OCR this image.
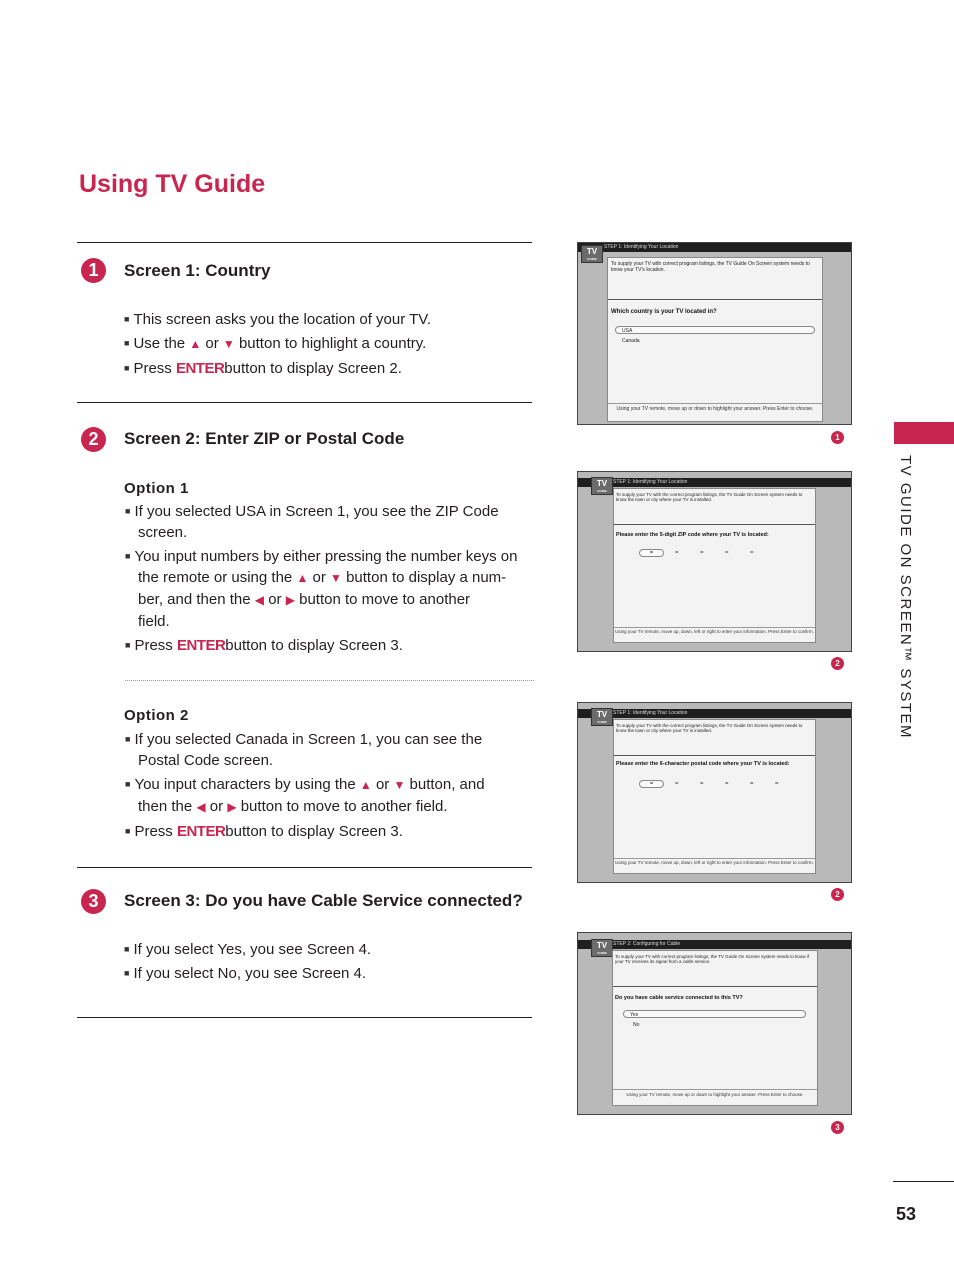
Using TV Guide
1	Screen 1: Country
■ This screen asks you the location of your TV.
■ Use the ▲ or ▼ button to highlight a country.
■ Press ENTERbutton to display Screen 2.
2	Screen 2: Enter ZIP or Postal Code
Option 1
■ If you selected USA in Screen 1, you see the ZIP Code
screen.
■ You input numbers by either pressing the number keys on
the remote or using the ▲ or ▼ button to display a num-
ber, and then the ◀ or ▶ button to move to another
field.
■ Press ENTERbutton to display Screen 3.
Option 2
■ If you selected Canada in Screen 1, you can see the
Postal Code screen.
■ You input characters by using the ▲ or ▼ button, and
then the ◀ or ▶ button to move to another field.
■ Press ENTERbutton to display Screen 3.
3	Screen 3: Do you have Cable Service connected?
■ If you select Yes, you see Screen 4.
■ If you select No, you see Screen 4.
TV GUIDE ON SCREEN™ SYSTEM
53
STEP 1: Identifying Your Location
TV
GUIDE
To supply your TV with correct program listings, the TV Guide On Screen system needs to know your TV's location.
Which country is your TV located in?
USA
Canada
Using your TV remote, move up or down to highlight your answer. Press Enter to choose.
1
STEP 1: Identifying Your Location
TV
GUIDE
To supply your TV with the correct program listings, the TV Guide On Screen system needs to know the town or city where your TV is installed.
Please enter the 5-digit ZIP code where your TV is located:
=	=	=	=	=
Using your TV remote, move up, down, left or right to enter your information. Press Enter to confirm.
2
STEP 1: Identifying Your Location
TV
GUIDE
To supply your TV with the correct program listings, the TV Guide On Screen system needs to know the town or city where your TV is installed.
Please enter the 6-character postal code where your TV is located:
=	=	=	=	=	=
Using your TV remote, move up, down, left or right to enter your information. Press Enter to confirm.
2
STEP 2: Configuring for Cable
TV
GUIDE
To supply your TV with correct program listings, the TV Guide On Screen system needs to know if your TV receives its signal from a cable service.
Do you have cable service connected to this TV?
Yes
No
Using your TV remote, move up or down to highlight your answer. Press Enter to choose.
3
